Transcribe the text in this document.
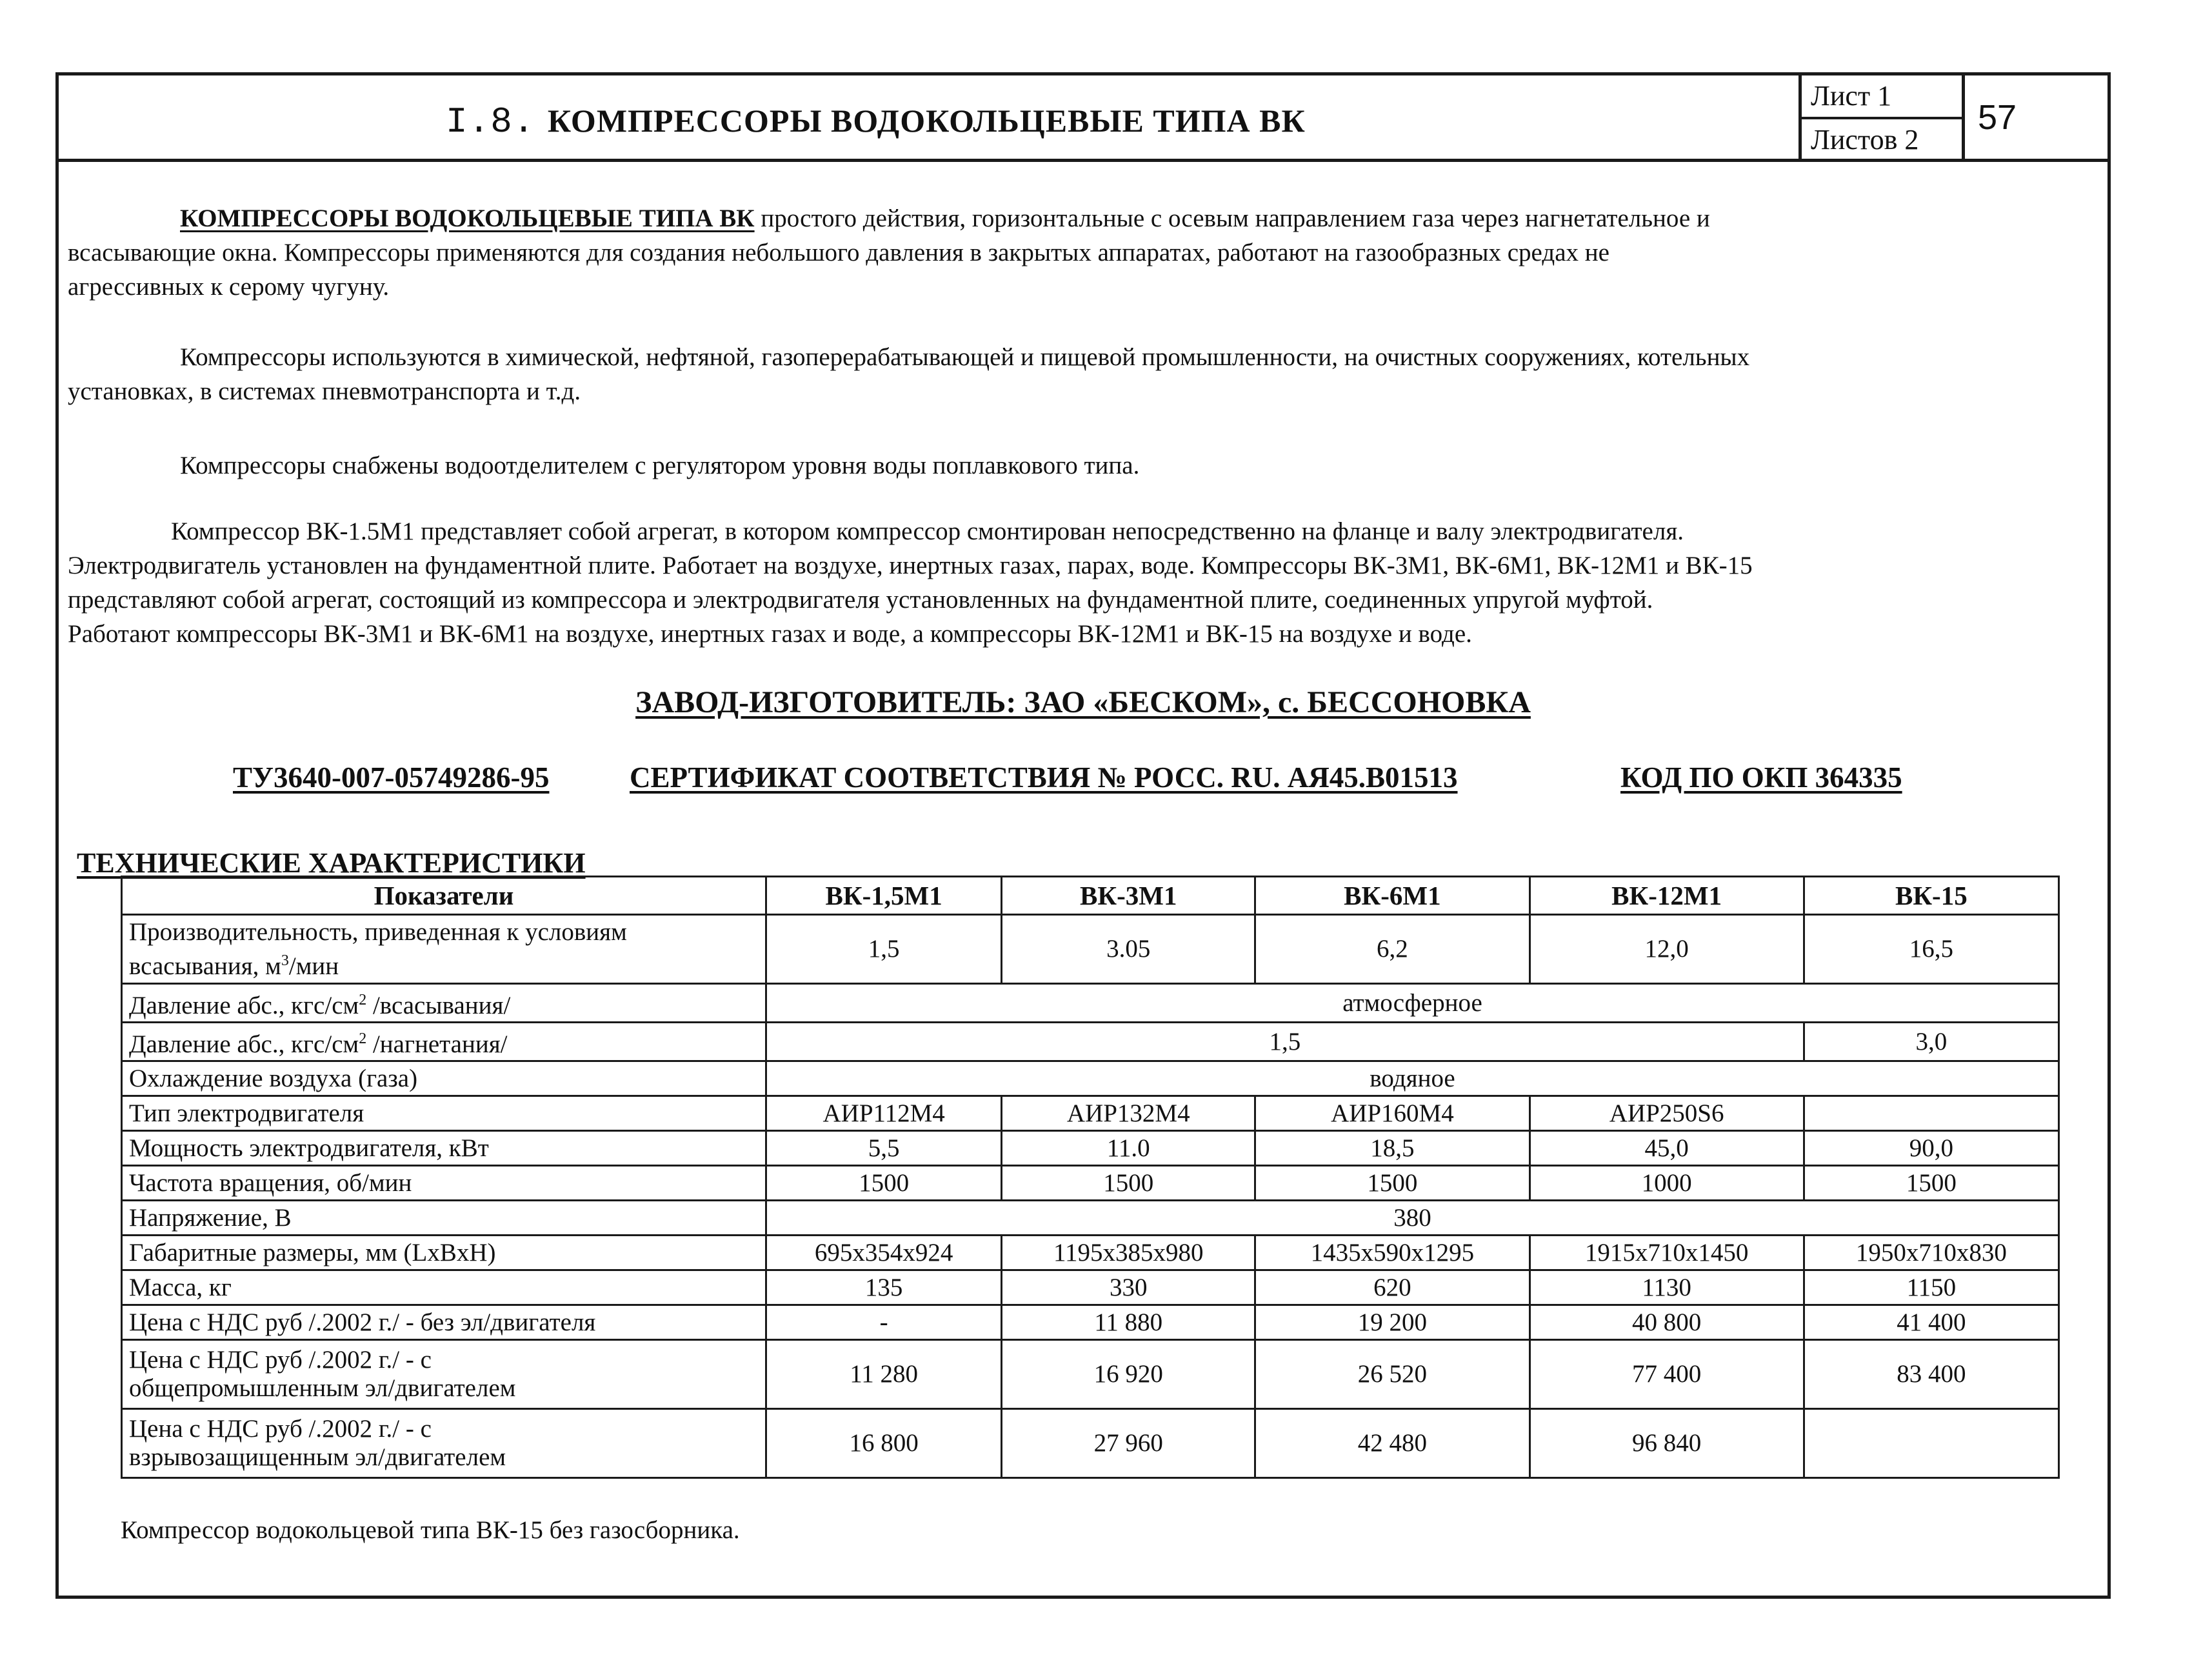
I.8. КОМПРЕССОРЫ ВОДОКОЛЬЦЕВЫЕ ТИПА ВК
Лист 1
Листов 2
57
КОМПРЕССОРЫ ВОДОКОЛЬЦЕВЫЕ ТИПА ВК простого действия, горизонтальные с осевым направлением газа через нагнетательное и
всасывающие окна. Компрессоры применяются для создания небольшого давления в закрытых аппаратах, работают на газообразных средах не
агрессивных к серому чугуну.
Компрессоры используются в химической, нефтяной, газоперерабатывающей и пищевой промышленности, на очистных сооружениях, котельных
установках, в системах пневмотранспорта и т.д.
Компрессоры снабжены водоотделителем с регулятором уровня воды поплавкового типа.
Компрессор ВК-1.5М1 представляет собой агрегат, в котором компрессор смонтирован непосредственно на фланце и валу электродвигателя.
Электродвигатель установлен на фундаментной плите. Работает на воздухе, инертных газах, парах, воде. Компрессоры ВК-3М1, ВК-6М1, ВК-12М1 и ВК-15
представляют собой агрегат, состоящий из компрессора и электродвигателя установленных на фундаментной плите, соединенных упругой муфтой.
Работают компрессоры ВК-3М1 и ВК-6М1 на воздухе, инертных газах и воде, а компрессоры ВК-12М1 и ВК-15 на воздухе и воде.
ЗАВОД-ИЗГОТОВИТЕЛЬ: ЗАО «БЕСКОМ», с. БЕССОНОВКА
ТУ3640-007-05749286-95	СЕРТИФИКАТ СООТВЕТСТВИЯ № РОСС. RU. АЯ45.В01513	КОД ПО ОКП 364335
ТЕХНИЧЕСКИЕ ХАРАКТЕРИСТИКИ
Показатели	ВК-1,5М1	ВК-3М1	ВК-6М1	ВК-12М1	ВК-15
Производительность, приведенная к условиям
всасывания, $м^3$/мин	1,5	3.05	6,2	12,0	16,5
Давление абс., кгс/$см^2$ /всасывания/	атмосферное				
Давление абс., кгс/$см^2$ /нагнетания/	1,5				3,0
Охлаждение воздуха (газа)	водяное				
Тип электродвигателя	АИР112М4	АИР132М4	АИР160М4	АИР250S6	
Мощность электродвигателя, кВт	5,5	11.0	18,5	45,0	90,0
Частота вращения, об/мин	1500	1500	1500	1000	1500
Напряжение, В	380				
Габаритные размеры, мм (LxBxH)	695x354x924	1195x385x980	1435x590x1295	1915x710x1450	1950x710x830
Масса, кг	135	330	620	1130	1150
Цена с НДС руб /.2002 г./ - без эл/двигателя	-	11 880	19 200	40 800	41 400
Цена с НДС руб /.2002 г./ - с
общепромышленным эл/двигателем	11 280	16 920	26 520	77 400	83 400
Цена с НДС руб /.2002 г./ - с
взрывозащищенным эл/двигателем	16 800	27 960	42 480	96 840	
Компрессор водокольцевой типа ВК-15 без газосборника.
